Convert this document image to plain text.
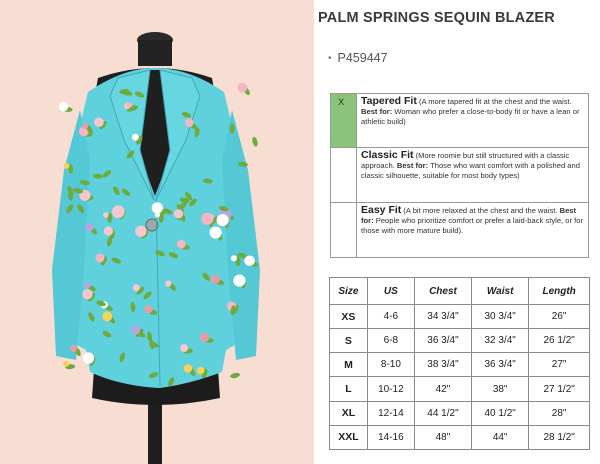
PALM SPRINGS SEQUIN BLAZER
• P459447
X	Tapered Fit (A more tapered fit at the chest and the waist. Best for: Woman who prefer a close-to-body fit or have a lean or athletic build)
	Classic Fit (More roomie but still structured with a classic approach. Best for: Those who want comfort with a polished and classic silhouette, suitable for most body types)
	Easy Fit (A bit more relaxed at the chest and the waist. Best for: People who prioritize comfort or prefer a laid-back style, or for those with more mature build).
Size	US	Chest	Waist	Length
XS	4-6	34 3/4"	30 3/4"	26"
S	6-8	36 3/4"	32 3/4"	26 1/2"
M	8-10	38 3/4"	36 3/4"	27"
L	10-12	42"	38"	27 1/2"
XL	12-14	44 1/2"	40 1/2"	28"
XXL	14-16	48"	44"	28 1/2"
